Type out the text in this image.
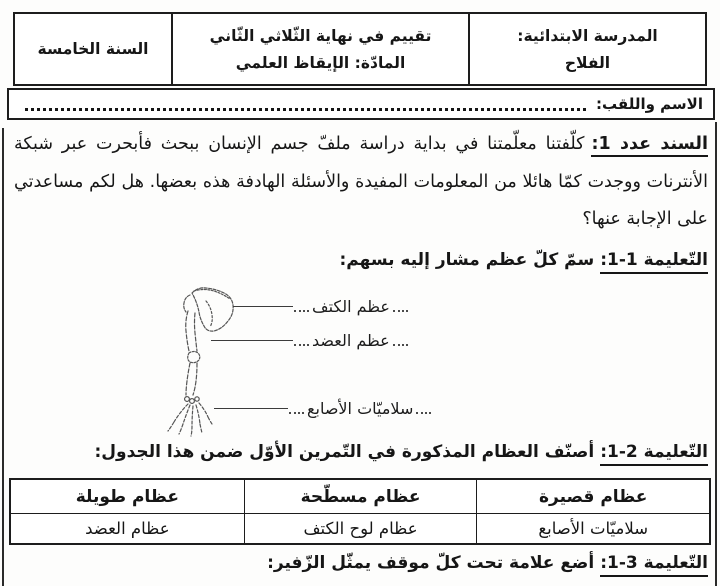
المدرسة الابتدائية:
الفلاح
تقييم في نهاية الثّلاثي الثّاني
المادّة: الإيقاظ العلمي
السنة الخامسة
الاسم واللقب:

السند عدد 1:كلّفتنا معلّمتنا في بداية دراسة ملفّ جسم الإنسان ببحث فأبحرت عبر شبكة الأنترنات ووجدت كمّا هائلا من المعلومات المفيدة والأسئلة الهادفة هذه بعضها. هل لكم مساعدتي على الإجابة عنها؟

التّعليمة 1-1:سمّ كلّ عظم مشار إليه بسهم:
عظم الكتف
عظم العضد
سلاميّات الأصابع
التّعليمة 2-1:أصنّف العظام المذكورة في التّمرين الأوّل ضمن هذا الجدول:
عظام قصيرة
عظام مسطّحة
عظام طويلة
سلاميّات الأصابع
عظام لوح الكتف
عظام العضد
التّعليمة 3-1:أضع علامة تحت كلّ موقف يمثّل الزّفير:
